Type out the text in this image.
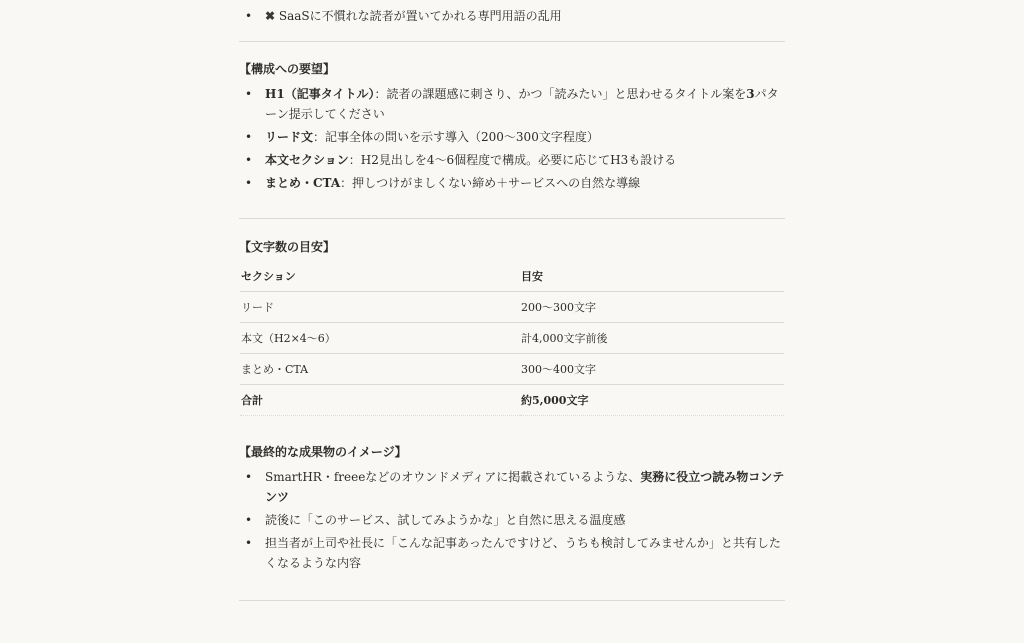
• ✖ SaaSに不慣れな読者が置いてかれる専門用語の乱用

【構成への要望】

• H1（記事タイトル）：読者の課題感に刺さり、かつ「読みたい」と思わせるタイトル案を3パターン提示してください
• リード文：記事全体の問いを示す導入（200〜300文字程度）
• 本文セクション：H2見出しを4〜6個程度で構成。必要に応じてH3も設ける
• まとめ・CTA：押しつけがましくない締め＋サービスへの自然な導線

【文字数の目安】

セクション	目安
リード	200〜300文字
本文（H2×4〜6）	計4,000文字前後
まとめ・CTA	300〜400文字
合計	約5,000文字

【最終的な成果物のイメージ】

• SmartHR・freeeなどのオウンドメディアに掲載されているような、実務に役立つ読み物コンテンツ
• 読後に「このサービス、試してみようかな」と自然に思える温度感
• 担当者が上司や社長に「こんな記事あったんですけど、うちも検討してみませんか」と共有したくなるような内容
